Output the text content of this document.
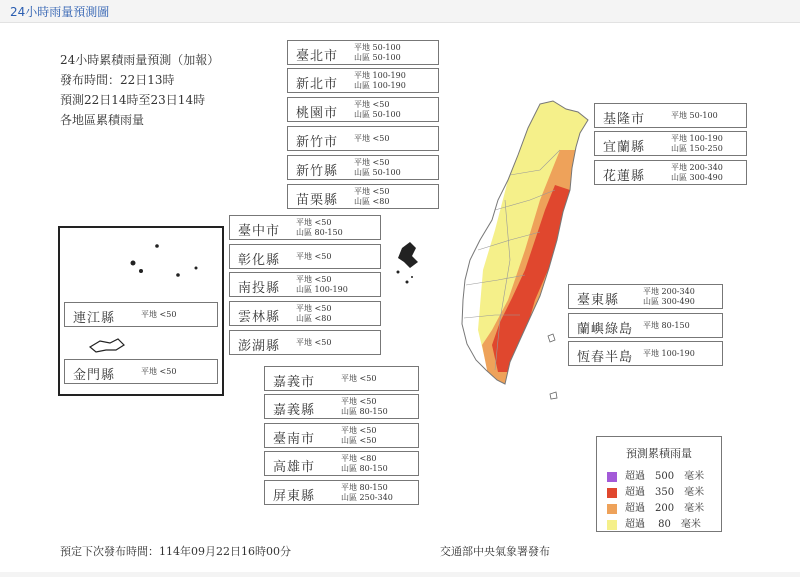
24小時雨量預測圖
24小時累積雨量預測（加報）
發布時間：22日13時
預測22日14時至23日14時
各地區累積雨量
臺北市
平地 50-100
山區 50-100
新北市
平地 100-190
山區 100-190
桃園市
平地 <50
山區 50-100
新竹市 平地 <50
新竹縣
平地 <50
山區 50-100
苗栗縣
平地 <50
山區 <80
臺中市
平地 <50
山區 80-150
彰化縣 平地 <50
南投縣
平地 <50
山區 100-190
雲林縣
平地 <50
山區 <80
澎湖縣 平地 <50
嘉義市	平地 <50
嘉義縣
平地 <50
山區 80-150
臺南市
平地 <50
山區 <50
高雄市
平地 <80
山區 80-150
屏東縣
平地 80-150
山區 250-340
基隆市	平地 50-100
宜蘭縣
平地 100-190
山區 150-250
花蓮縣
平地 200-340
山區 300-490
臺東縣
平地 200-340
山區 300-490
蘭嶼綠島 平地 80-150
恆春半島 平地 100-190
連江縣	平地 <50
金門縣	平地 <50
預測累積雨量
超過　500　毫米
超過　350　毫米
超過　200　毫米
超過　 80　毫米
預定下次發布時間：114年09月22日16時00分	交通部中央氣象署發布
